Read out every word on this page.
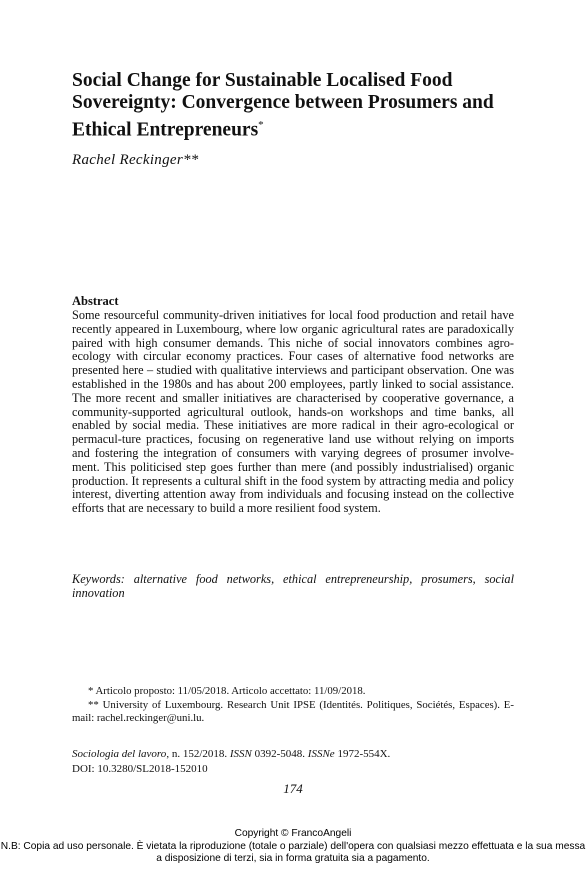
Social Change for Sustainable Localised Food Sovereignty: Convergence between Prosumers and Ethical Entrepreneurs*
Rachel Reckinger**
Abstract

Some resourceful community-driven initiatives for local food production and retail have recently appeared in Luxembourg, where low organic agricultural rates are paradoxically paired with high consumer demands. This niche of social innovators combines agro-ecology with circular economy practices. Four cases of alternative food networks are presented here – studied with qualitative interviews and participant observation. One was established in the 1980s and has about 200 employees, partly linked to social assistance. The more recent and smaller initiatives are characterised by cooperative governance, a community-supported agricultural outlook, hands-on workshops and time banks, all enabled by social media. These initiatives are more radical in their agro-ecological or permacul-ture practices, focusing on regenerative land use without relying on imports and fostering the integration of consumers with varying degrees of prosumer involve-ment. This politicised step goes further than mere (and possibly industrialised) organic production. It represents a cultural shift in the food system by attracting media and policy interest, diverting attention away from individuals and focusing instead on the collective efforts that are necessary to build a more resilient food system.

Keywords: alternative food networks, ethical entrepreneurship, prosumers, social innovation

* Articolo proposto: 11/05/2018. Articolo accettato: 11/09/2018.

** University of Luxembourg. Research Unit IPSE (Identités. Politiques, Sociétés, Espaces). E-mail: rachel.reckinger@uni.lu.

Sociologia del lavoro, n. 152/2018. ISSN 0392-5048. ISSNe 1972-554X.
DOI: 10.3280/SL2018-152010
174
Copyright © FrancoAngeli
N.B: Copia ad uso personale. È vietata la riproduzione (totale o parziale) dell'opera con qualsiasi mezzo effettuata e la sua messa a disposizione di terzi, sia in forma gratuita sia a pagamento.
